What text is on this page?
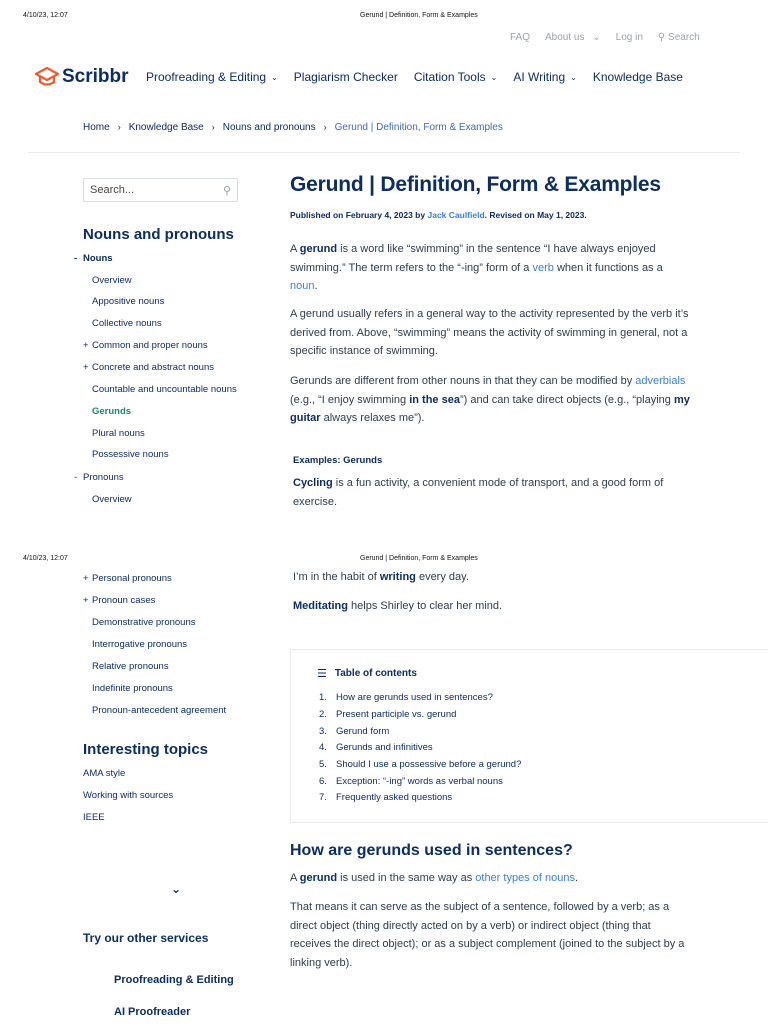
4/10/23, 12:07	Gerund | Definition, Form & Examples
FAQ About us ⌄ Log in ⚲ Search
Scribbr Proofreading & Editing ⌄ Plagiarism Checker Citation Tools ⌄ AI Writing ⌄ Knowledge Base
Home › Knowledge Base › Nouns and pronouns › Gerund | Definition, Form & Examples
Search...	⚲
Nouns and pronouns
- Nouns
Overview
Appositive nouns
Collective nouns
+ Common and proper nouns
+ Concrete and abstract nouns
Countable and uncountable nouns
Gerunds
Plural nouns
Possessive nouns
- Pronouns
Overview
4/10/23, 12:07	Gerund | Definition, Form & Examples
+ Personal pronouns
+ Pronoun cases
Demonstrative pronouns
Interrogative pronouns
Relative pronouns
Indefinite pronouns
Pronoun-antecedent agreement
Interesting topics
AMA style
Working with sources
IEEE
⌄
Try our other services
Proofreading & Editing
AI Proofreader
Gerund | Definition, Form & Examples
Published on February 4, 2023 by Jack Caulfield. Revised on May 1, 2023.

A gerund is a word like “swimming” in the sentence “I have always enjoyed swimming.” The term refers to the “-ing” form of a verb when it functions as a noun.

A gerund usually refers in a general way to the activity represented by the verb it’s derived from. Above, “swimming” means the activity of swimming in general, not a specific instance of swimming.

Gerunds are different from other nouns in that they can be modified by adverbials (e.g., “I enjoy swimming in the sea”) and can take direct objects (e.g., “playing my guitar always relaxes me”).

Examples: Gerunds

Cycling is a fun activity, a convenient mode of transport, and a good form of exercise.

I’m in the habit of writing every day.

Meditating helps Shirley to clear her mind.

☰ Table of contents
1. How are gerunds used in sentences?
2. Present participle vs. gerund
3. Gerund form
4. Gerunds and infinitives
5. Should I use a possessive before a gerund?
6. Exception: “-ing” words as verbal nouns
7. Frequently asked questions
How are gerunds used in sentences?

A gerund is used in the same way as other types of nouns.

That means it can serve as the subject of a sentence, followed by a verb; as a direct object (thing directly acted on by a verb) or indirect object (thing that receives the direct object); or as a subject complement (joined to the subject by a linking verb).
